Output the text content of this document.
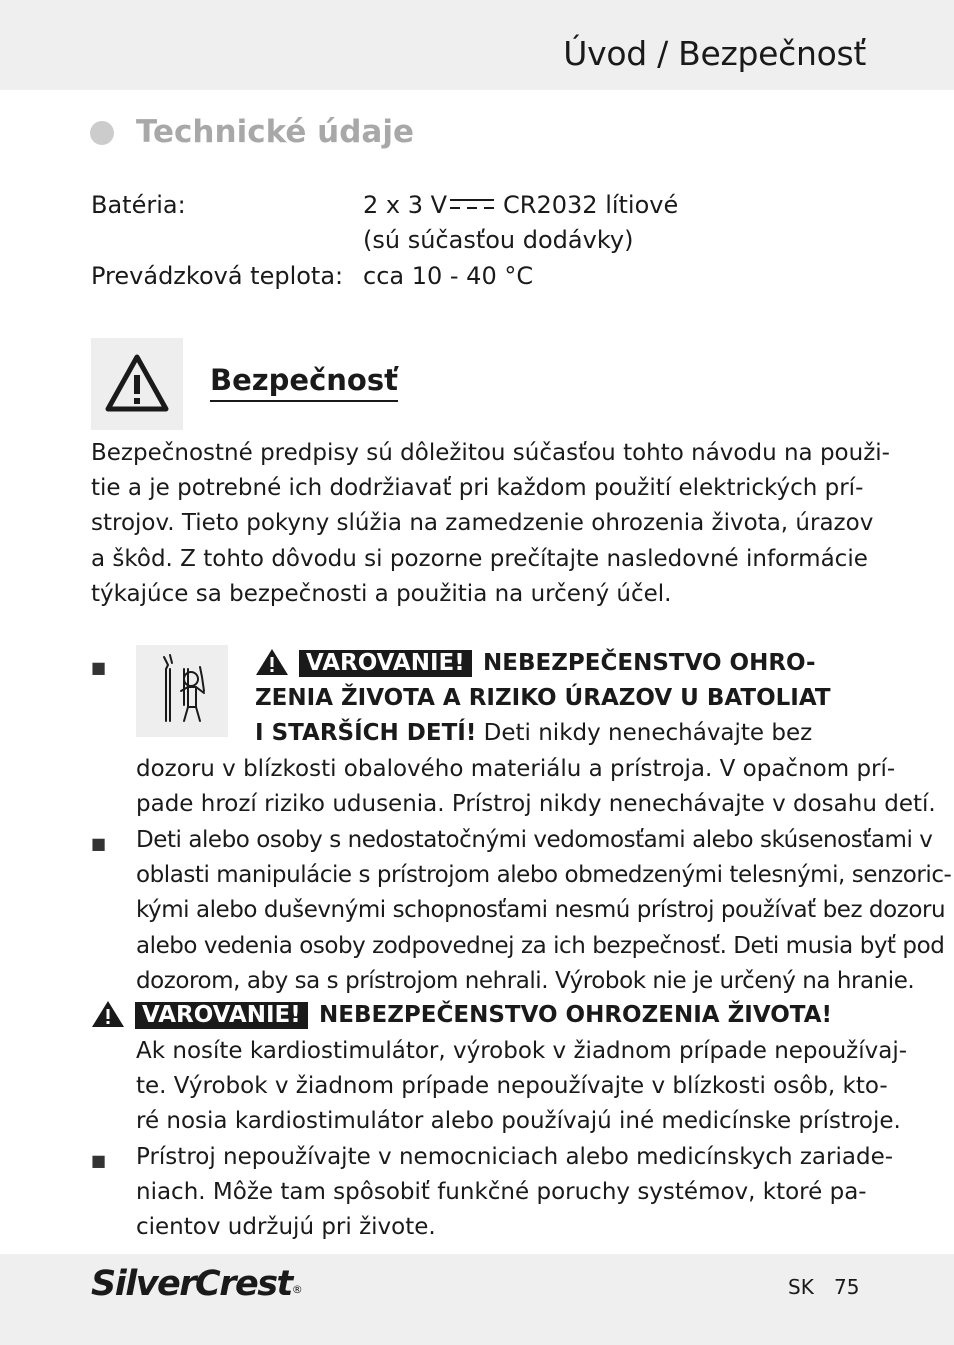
Úvod / Bezpečnosť
Technické údaje
Batéria:	2 x 3 V CR2032 lítiové
(sú súčasťou dodávky)
Prevádzková teplota: cca 10 - 40 °C
Bezpečnosť
Bezpečnostné predpisy sú dôležitou súčasťou tohto návodu na použi-
tie a je potrebné ich dodržiavať pri každom použití elektrických prí-
strojov. Tieto pokyny slúžia na zamedzenie ohrozenia života, úrazov
a škôd. Z tohto dôvodu si pozorne prečítajte nasledovné informácie
týkajúce sa bezpečnosti a použitia na určený účel.
■	VAROVANIE! NEBEZPEČENSTVO OHRO-
ZENIA ŽIVOTA A RIZIKO ÚRAZOV U BATOLIAT
I STARŠÍCH DETÍ! Deti nikdy nenechávajte bez
dozoru v blízkosti obalového materiálu a prístroja. V opačnom prí-
pade hrozí riziko udusenia. Prístroj nikdy nenechávajte v dosahu detí.
■ Deti alebo osoby s nedostatočnými vedomosťami alebo skúsenosťami v
oblasti manipulácie s prístrojom alebo obmedzenými telesnými, senzoric-
kými alebo duševnými schopnosťami nesmú prístroj používať bez dozoru
alebo vedenia osoby zodpovednej za ich bezpečnosť. Deti musia byť pod
dozorom, aby sa s prístrojom nehrali. Výrobok nie je určený na hranie.
VAROVANIE! NEBEZPEČENSTVO OHROZENIA ŽIVOTA!
Ak nosíte kardiostimulátor, výrobok v žiadnom prípade nepoužívaj-
te. Výrobok v žiadnom prípade nepoužívajte v blízkosti osôb, kto-
ré nosia kardiostimulátor alebo používajú iné medicínske prístroje.
■ Prístroj nepoužívajte v nemocniciach alebo medicínskych zariade-
niach. Môže tam spôsobiť funkčné poruchy systémov, ktoré pa-
cientov udržujú pri živote.
SilverCrest®	SK 75
